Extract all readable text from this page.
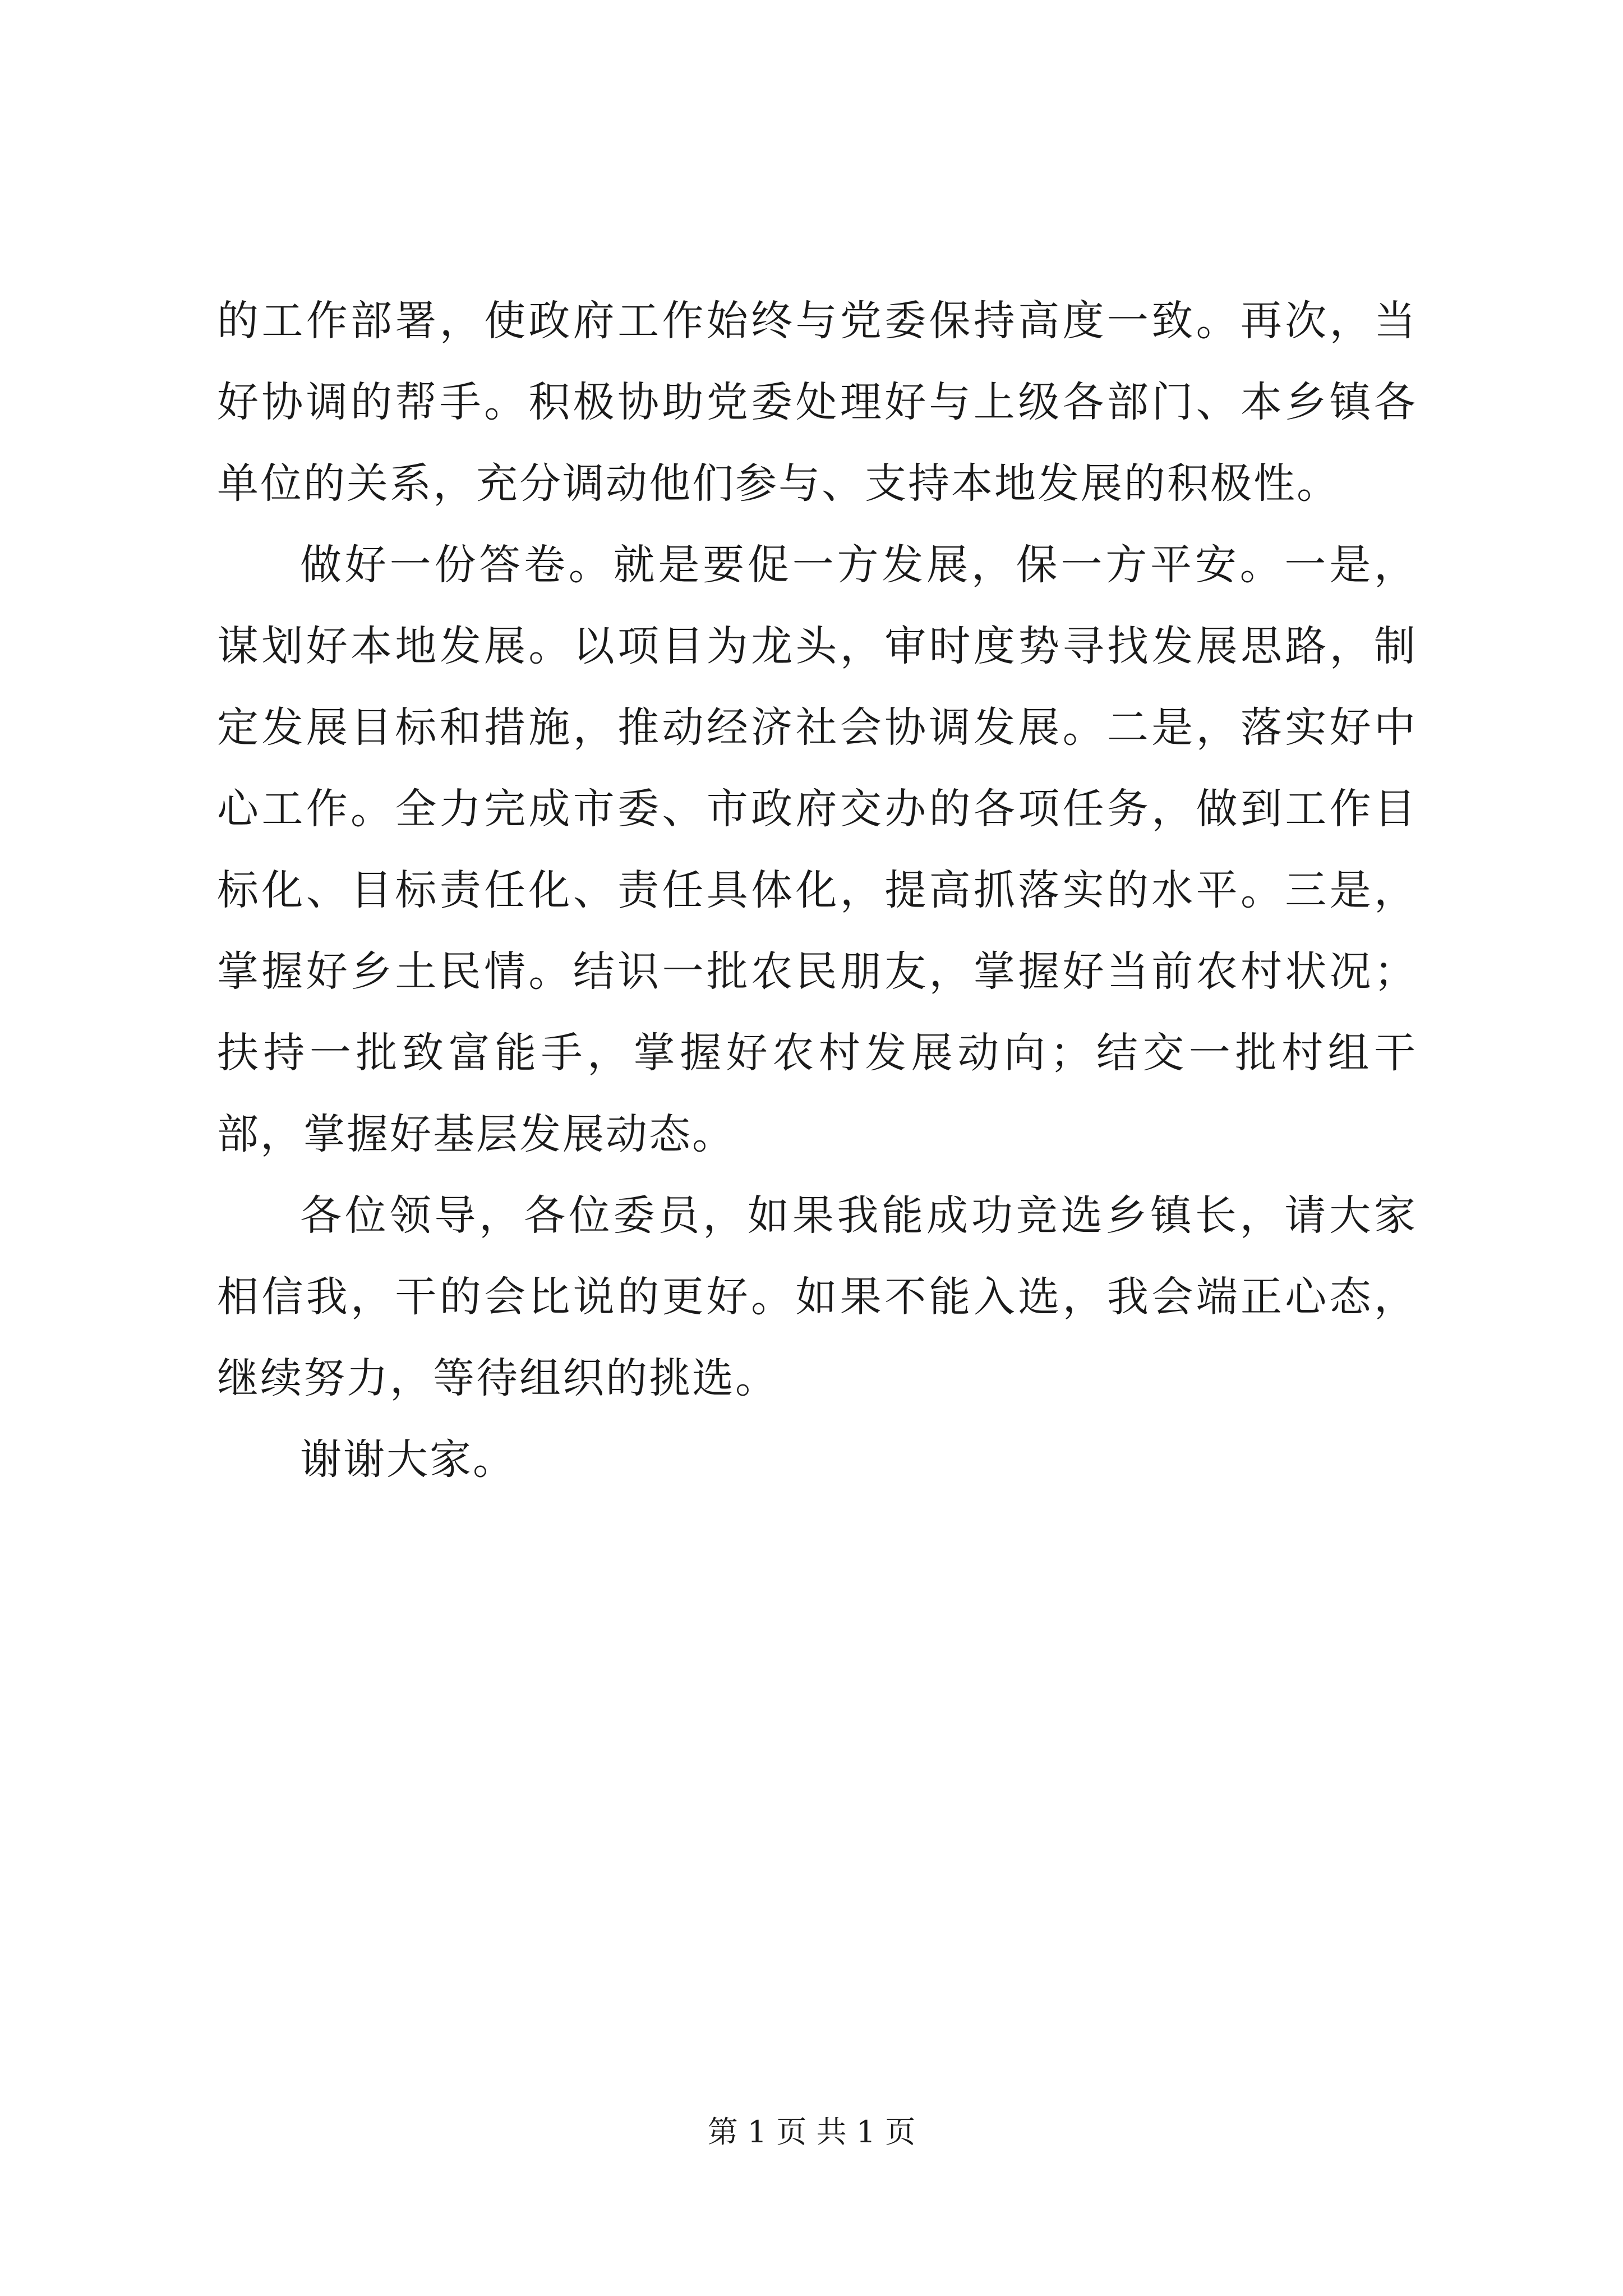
的工作部署，使政府工作始终与党委保持高度一致。再次，当好协调的帮手。积极协助党委处理好与上级各部门、本乡镇各单位的关系，充分调动他们参与、支持本地发展的积极性。

做好一份答卷。就是要促一方发展，保一方平安。一是，谋划好本地发展。以项目为龙头，审时度势寻找发展思路，制定发展目标和措施，推动经济社会协调发展。二是，落实好中心工作。全力完成市委、市政府交办的各项任务，做到工作目标化、目标责任化、责任具体化，提高抓落实的水平。三是，掌握好乡土民情。结识一批农民朋友，掌握好当前农村状况；扶持一批致富能手，掌握好农村发展动向；结交一批村组干部，掌握好基层发展动态。

各位领导，各位委员，如果我能成功竞选乡镇长，请大家相信我，干的会比说的更好。如果不能入选，我会端正心态，继续努力，等待组织的挑选。

谢谢大家。

第 1 页 共 1 页
